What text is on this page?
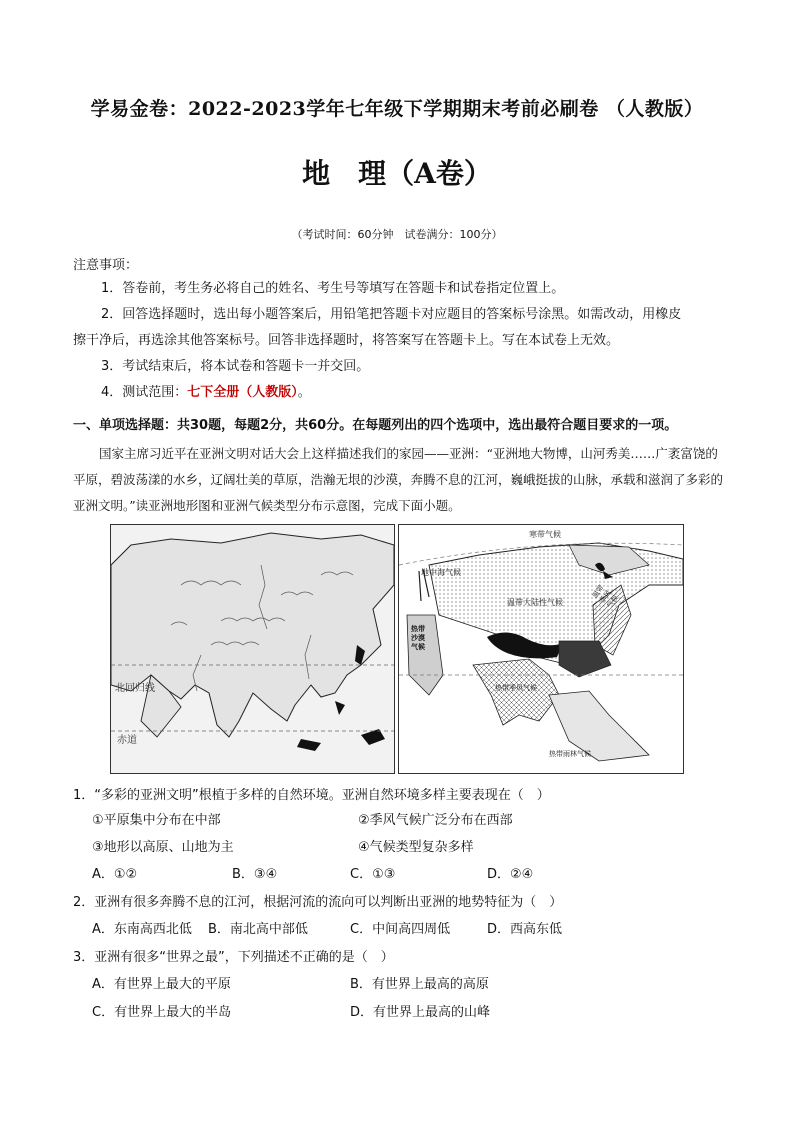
学易金卷：2022-2023学年七年级下学期期末考前必刷卷 （人教版）
地 理（A卷）
（考试时间：60分钟　试卷满分：100分）
注意事项：
1．答卷前，考生务必将自己的姓名、考生号等填写在答题卡和试卷指定位置上。
2．回答选择题时，选出每小题答案后，用铅笔把答题卡对应题目的答案标号涂黑。如需改动，用橡皮
擦干净后，再选涂其他答案标号。回答非选择题时，将答案写在答题卡上。写在本试卷上无效。
3．考试结束后，将本试卷和答题卡一并交回。
4．测试范围：七下全册（人教版）。
一、单项选择题：共30题，每题2分，共60分。在每题列出的四个选项中，选出最符合题目要求的一项。
国家主席习近平在亚洲文明对话大会上这样描述我们的家园——亚洲：“亚洲地大物博，山河秀美……广袤富饶的平原，碧波荡漾的水乡，辽阔壮美的草原，浩瀚无垠的沙漠，奔腾不息的江河，巍峨挺拔的山脉，承载和滋润了多彩的亚洲文明。”读亚洲地形图和亚洲气候类型分布示意图，完成下面小题。
北回归线
赤道
寒带气候
地中海气候
温带大陆性气候
温带季风气候
热带沙漠气候
热带季风气候
亚热带季风气候
热带雨林气候
1．“多彩的亚洲文明”根植于多样的自然环境。亚洲自然环境多样主要表现在（　）
①平原集中分布在中部	②季风气候广泛分布在西部
③地形以高原、山地为主	④气候类型复杂多样
A．①②	B．③④	C．①③	D．②④
2．亚洲有很多奔腾不息的江河，根据河流的流向可以判断出亚洲的地势特征为（　）
A．东南高西北低 B．南北高中部低	C．中间高四周低	D．西高东低
3．亚洲有很多“世界之最”，下列描述不正确的是（　）
A．有世界上最大的平原	B．有世界上最高的高原
C．有世界上最大的半岛	D．有世界上最高的山峰
